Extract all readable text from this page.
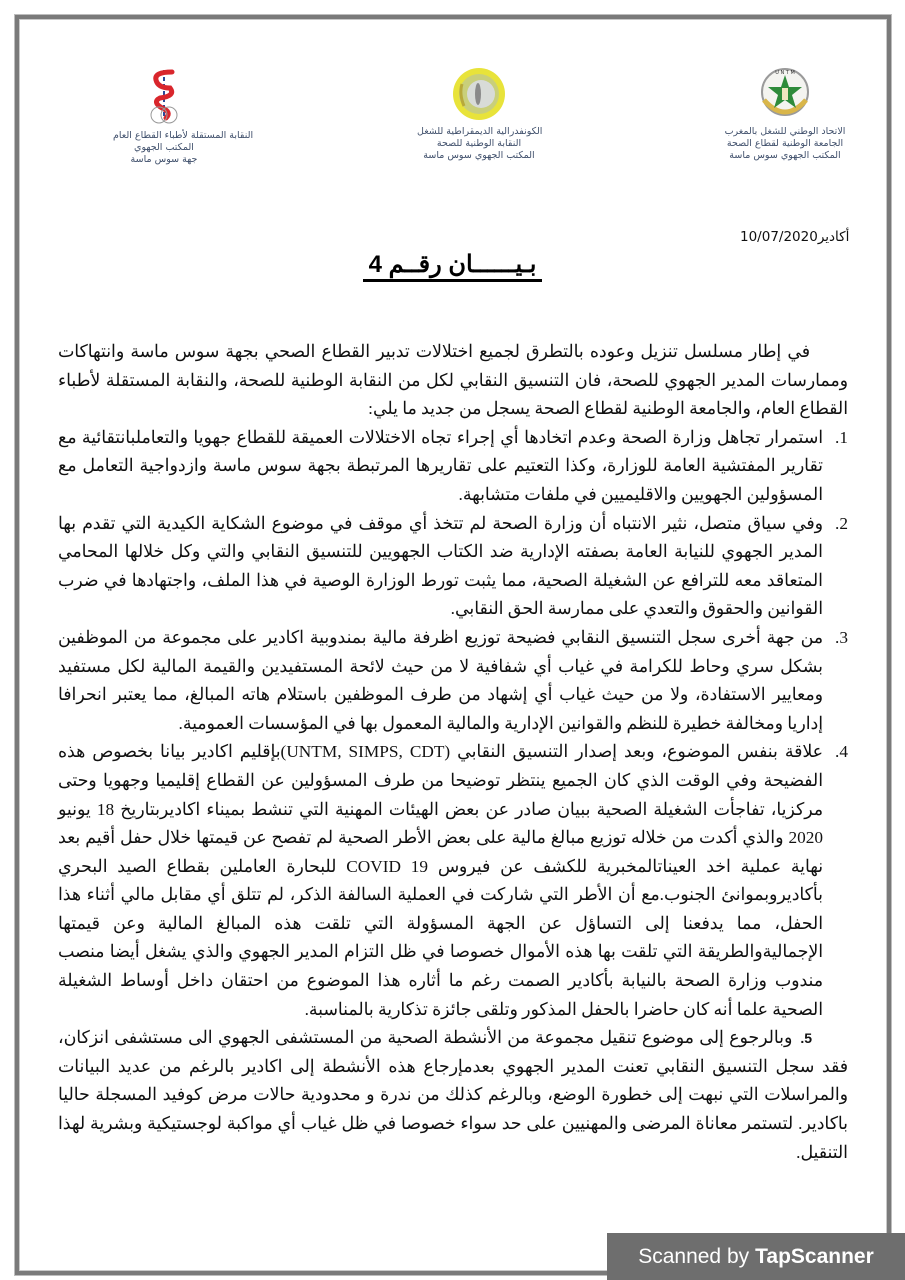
U N T M
الاتحاد الوطني للشغل بالمغرب
الجامعة الوطنية لقطاع الصحة
المكتب الجهوي سوس ماسة
الكونفدرالية الديمقراطية للشغل
النقابة الوطنية للصحة
المكتب الجهوي سوس ماسة
النقابة المستقلة لأطباء القطاع العام
المكتب الجهوي
جهة سوس ماسة
أكادير10/07/2020
بـيــــــان رقــم 4

في إطار مسلسل تنزيل وعوده بالتطرق لجميع اختلالات تدبير القطاع الصحي بجهة سوس ماسة وانتهاكات وممارسات المدير الجهوي للصحة، فان التنسيق النقابي لكل من النقابة الوطنية للصحة، والنقابة المستقلة لأطباء القطاع العام، والجامعة الوطنية لقطاع الصحة يسجل من جديد ما يلي:

1.
استمرار تجاهل وزارة الصحة وعدم اتخادها أي إجراء تجاه الاختلالات العميقة للقطاع جهويا والتعاملبانتقائية مع تقارير المفتشية العامة للوزارة، وكذا التعتيم على تقاريرها المرتبطة بجهة سوس ماسة وازدواجية التعامل مع المسؤولين الجهويين والاقليميين في ملفات متشابهة.
2.
وفي سياق متصل، نثير الانتباه أن وزارة الصحة لم تتخذ أي موقف في موضوع الشكاية الكيدية التي تقدم بها المدير الجهوي للنيابة العامة بصفته الإدارية ضد الكتاب الجهويين للتنسيق النقابي والتي وكل خلالها المحامي المتعاقد معه للترافع عن الشغيلة الصحية، مما يثبت تورط الوزارة الوصية في هذا الملف، واجتهادها في ضرب القوانين والحقوق والتعدي على ممارسة الحق النقابي.
3.
من جهة أخرى سجل التنسيق النقابي فضيحة توزيع اظرفة مالية بمندوبية اكادير على مجموعة من الموظفين بشكل سري وحاط للكرامة في غياب أي شفافية لا من حيث لائحة المستفيدين والقيمة المالية لكل مستفيد ومعايير الاستفادة، ولا من حيث غياب أي إشهاد من طرف الموظفين باستلام هاته المبالغ، مما يعتبر انحرافا إداريا ومخالفة خطيرة للنظم والقوانين الإدارية والمالية المعمول بها في المؤسسات العمومية.
4.
علاقة بنفس الموضوع، وبعد إصدار التنسيق النقابي (UNTM, SIMPS, CDT)بإقليم اكادير بيانا بخصوص هذه الفضيحة وفي الوقت الذي كان الجميع ينتظر توضيحا من طرف المسؤولين عن القطاع إقليميا وجهويا وحتى مركزيا، تفاجأت الشغيلة الصحية ببيان صادر عن بعض الهيئات المهنية التي تنشط بميناء اكاديربتاريخ 18 يونيو 2020 والذي أكدت من خلاله توزيع مبالغ مالية على بعض الأطر الصحية لم تفصح عن قيمتها خلال حفل أقيم بعد نهاية عملية اخد العيناتالمخبرية للكشف عن فيروس COVID 19 للبحارة العاملين بقطاع الصيد البحري بأكاديروبموانئ الجنوب.مع أن الأطر التي شاركت في العملية السالفة الذكر، لم تتلق أي مقابل مالي أثناء هذا الحفل، مما يدفعنا إلى التساؤل عن الجهة المسؤولة التي تلقت هذه المبالغ المالية وعن قيمتها الإجماليةوالطريقة التي تلقت بها هذه الأموال خصوصا في ظل التزام المدير الجهوي والذي يشغل أيضا منصب مندوب وزارة الصحة بالنيابة بأكادير الصمت رغم ما أثاره هذا الموضوع من احتقان داخل أوساط الشغيلة الصحية علما أنه كان حاضرا بالحفل المذكور وتلقى جائزة تذكارية بالمناسبة.
5.وبالرجوع إلى موضوع تنقيل مجموعة من الأنشطة الصحية من المستشفى الجهوي الى مستشفى انزكان، فقد سجل التنسيق النقابي تعنت المدير الجهوي بعدمإرجاع هذه الأنشطة إلى اكادير بالرغم من عديد البيانات والمراسلات التي نبهت إلى خطورة الوضع، وبالرغم كذلك من ندرة و محدودية حالات مرض كوفيد المسجلة حاليا باكادير. لتستمر معاناة المرضى والمهنيين على حد سواء خصوصا في ظل غياب أي مواكبة لوجستيكية وبشرية لهذا التنقيل.
Scanned by TapScanner
